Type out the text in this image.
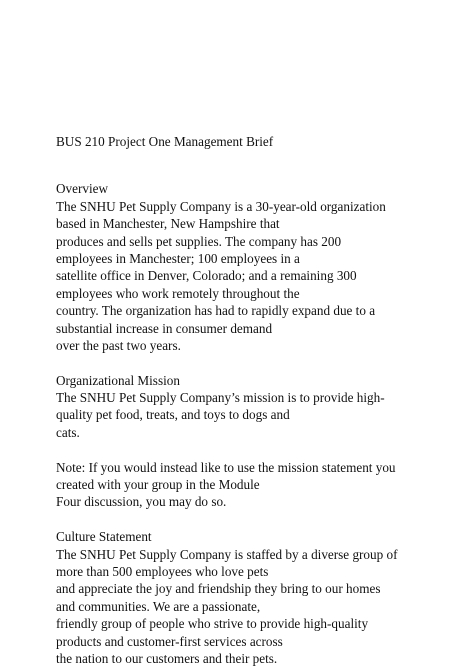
BUS 210 Project One Management Brief
Overview
The SNHU Pet Supply Company is a 30-year-old organization
based in Manchester, New Hampshire that
produces and sells pet supplies. The company has 200
employees in Manchester; 100 employees in a
satellite office in Denver, Colorado; and a remaining 300
employees who work remotely throughout the
country. The organization has had to rapidly expand due to a
substantial increase in consumer demand
over the past two years.
Organizational Mission
The SNHU Pet Supply Company’s mission is to provide high-
quality pet food, treats, and toys to dogs and
cats.
Note: If you would instead like to use the mission statement you
created with your group in the Module
Four discussion, you may do so.
Culture Statement
The SNHU Pet Supply Company is staffed by a diverse group of
more than 500 employees who love pets
and appreciate the joy and friendship they bring to our homes
and communities. We are a passionate,
friendly group of people who strive to provide high-quality
products and customer-first services across
the nation to our customers and their pets.
